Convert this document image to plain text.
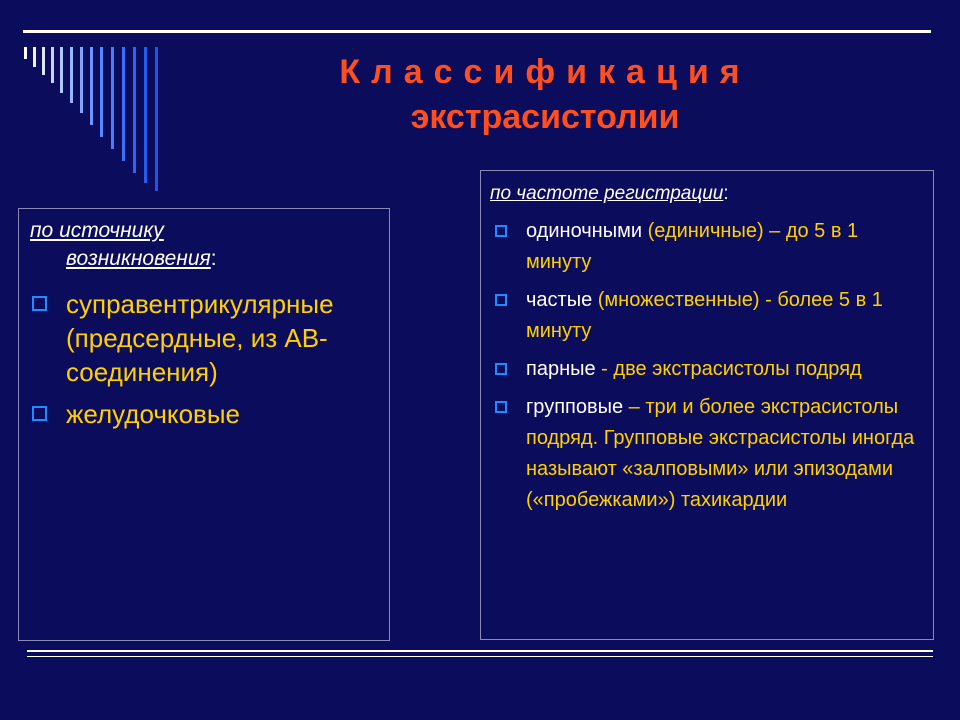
Классификация
экстрасистолии
по источнику
возникновения:
суправентрикулярные (предсердные, из АВ-соединения)
желудочковые
по частоте регистрации:
одиночными (единичные) – до 5 в 1 минуту
частые (множественные) - более 5 в 1 минуту
парные - две экстрасистолы подряд
групповые – три и более экстрасистолы подряд. Групповые экстрасистолы иногда называют «залповыми» или эпизодами («пробежками») тахикардии
